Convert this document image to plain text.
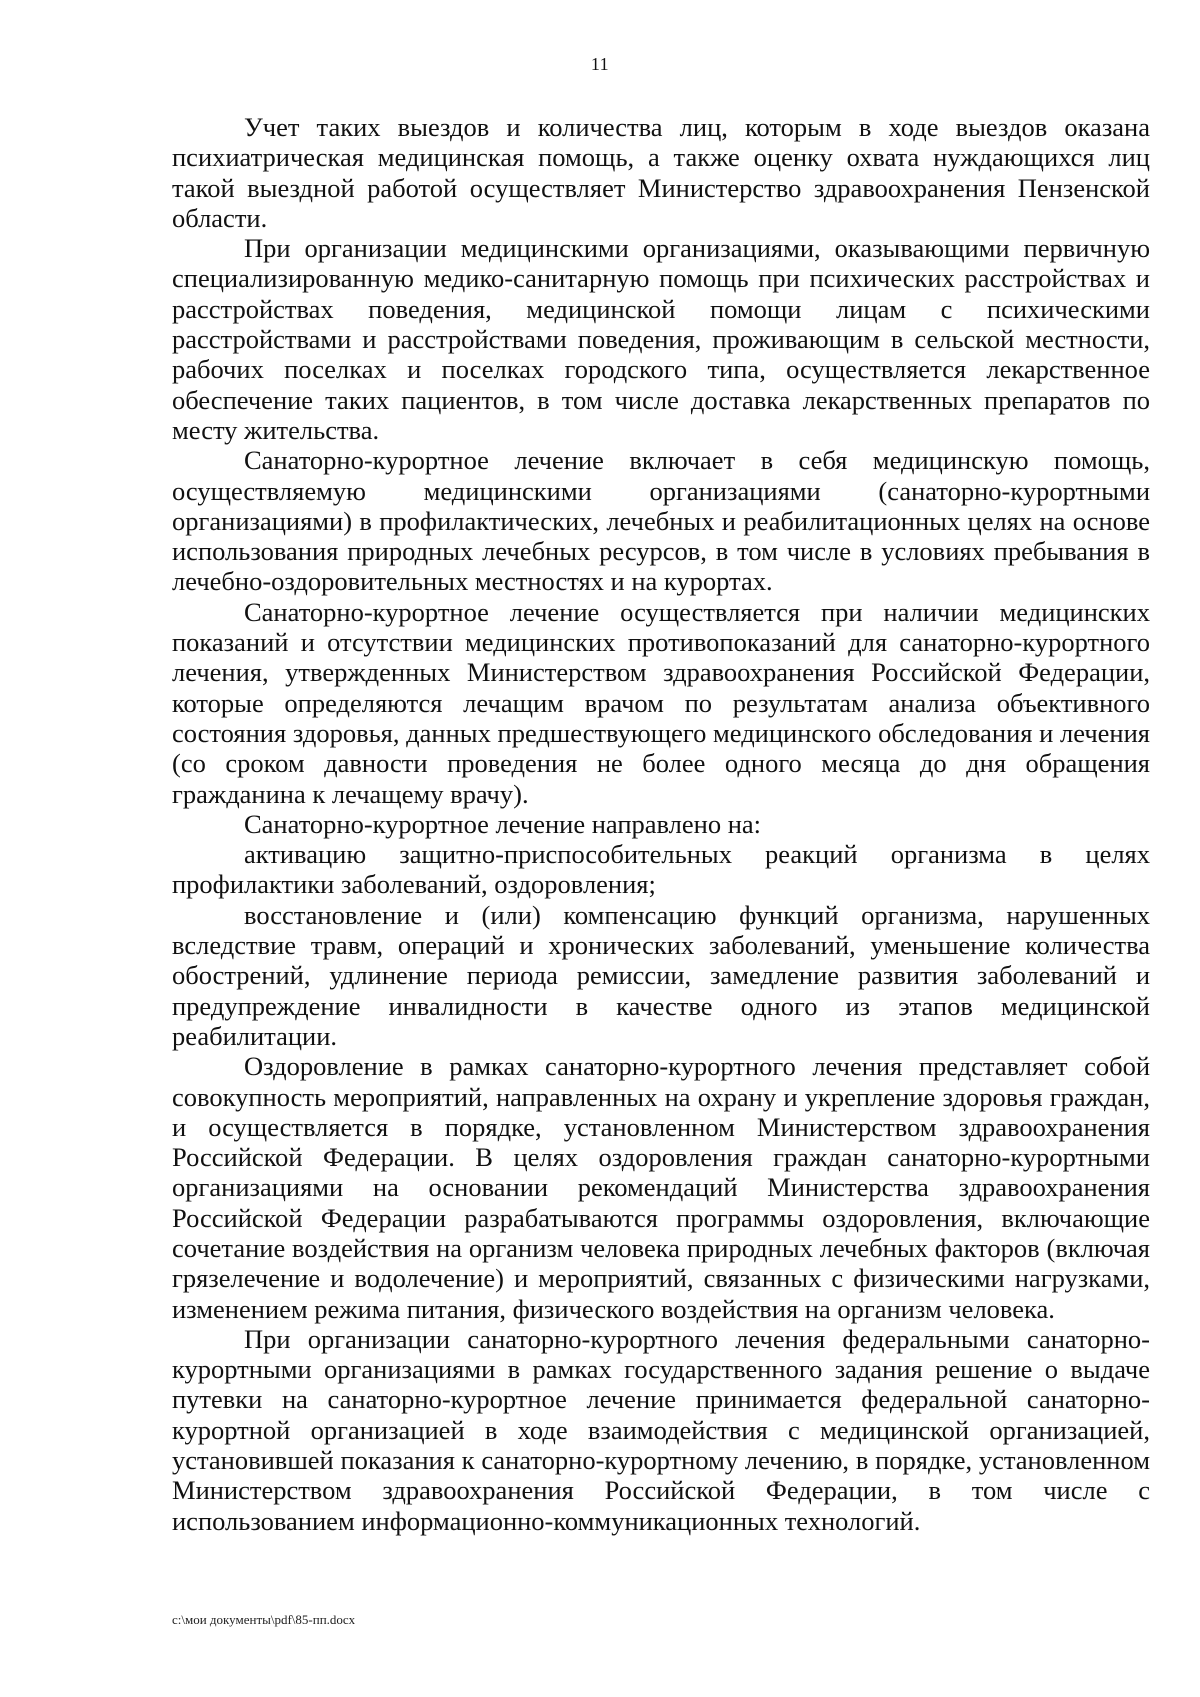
11

Учет таких выездов и количества лиц, которым в ходе выездов оказана психиатрическая медицинская помощь, а также оценку охвата нуждающихся лиц такой выездной работой осуществляет Министерство здравоохранения Пензенской области.

При организации медицинскими организациями, оказывающими первичную специализированную медико-санитарную помощь при психических расстройствах и расстройствах поведения, медицинской помощи лицам с психическими расстройствами и расстройствами поведения, проживающим в сельской местности, рабочих поселках и поселках городского типа, осуществляется лекарственное обеспечение таких пациентов, в том числе доставка лекарственных препаратов по месту жительства.

Санаторно-курортное лечение включает в себя медицинскую помощь, осуществляемую медицинскими организациями (санаторно-курортными организациями) в профилактических, лечебных и реабилитационных целях на основе использования природных лечебных ресурсов, в том числе в условиях пребывания в лечебно-оздоровительных местностях и на курортах.

Санаторно-курортное лечение осуществляется при наличии медицинских показаний и отсутствии медицинских противопоказаний для санаторно-курортного лечения, утвержденных Министерством здравоохранения Российской Федерации, которые определяются лечащим врачом по результатам анализа объективного состояния здоровья, данных предшествующего медицинского обследования и лечения (со сроком давности проведения не более одного месяца до дня обращения гражданина к лечащему врачу).

Санаторно-курортное лечение направлено на:

активацию защитно-приспособительных реакций организма в целях профилактики заболеваний, оздоровления;

восстановление и (или) компенсацию функций организма, нарушенных вследствие травм, операций и хронических заболеваний, уменьшение количества обострений, удлинение периода ремиссии, замедление развития заболеваний и предупреждение инвалидности в качестве одного из этапов медицинской реабилитации.

Оздоровление в рамках санаторно-курортного лечения представляет собой совокупность мероприятий, направленных на охрану и укрепление здоровья граждан, и осуществляется в порядке, установленном Министерством здравоохранения Российской Федерации. В целях оздоровления граждан санаторно-курортными организациями на основании рекомендаций Министерства здравоохранения Российской Федерации разрабатываются программы оздоровления, включающие сочетание воздействия на организм человека природных лечебных факторов (включая грязелечение и водолечение) и мероприятий, связанных с физическими нагрузками, изменением режима питания, физического воздействия на организм человека.

При организации санаторно-курортного лечения федеральными санаторно-курортными организациями в рамках государственного задания решение о выдаче путевки на санаторно-курортное лечение принимается федеральной санаторно-курортной организацией в ходе взаимодействия с медицинской организацией, установившей показания к санаторно-курортному лечению, в порядке, установленном Министерством здравоохранения Российской Федерации, в том числе с использованием информационно-коммуникационных технологий.

c:\мои документы\pdf\85-пп.docx
